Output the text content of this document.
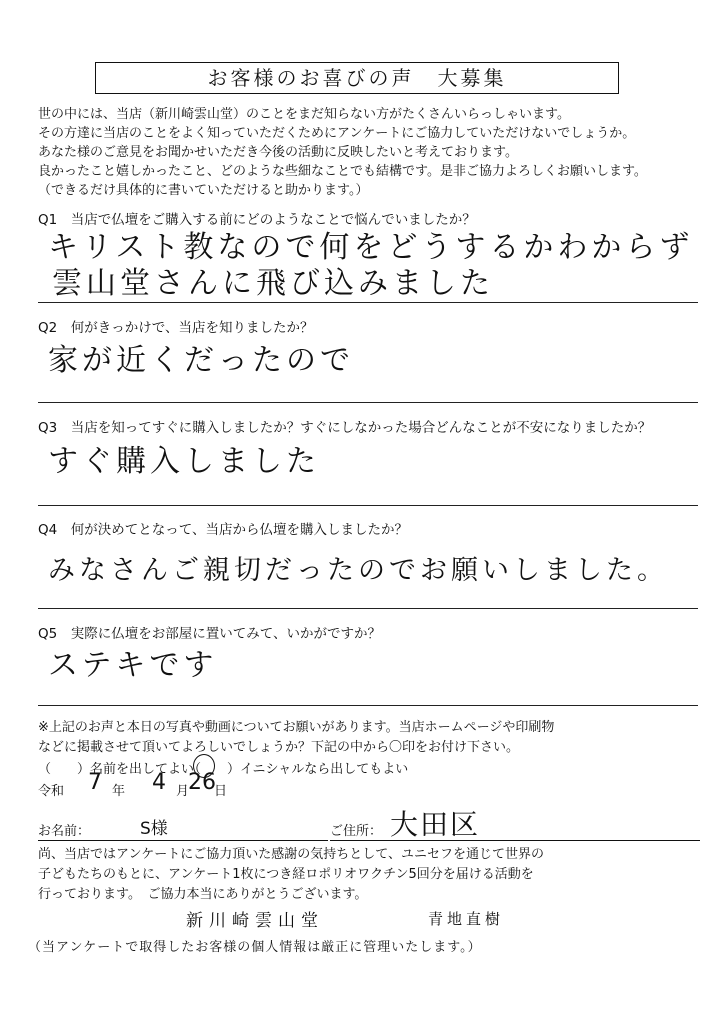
お客様のお喜びの声　大募集
世の中には、当店（新川崎雲山堂）のことをまだ知らない方がたくさんいらっしゃいます。
その方達に当店のことをよく知っていただくためにアンケートにご協力していただけないでしょうか。
あなた様のご意見をお聞かせいただき今後の活動に反映したいと考えております。
良かったこと嬉しかったこと、どのような些細なことでも結構です。是非ご協力よろしくお願いします。
（できるだけ具体的に書いていただけると助かります。）
Q1　当店で仏壇をご購入する前にどのようなことで悩んでいましたか？
キリスト教なので何をどうするかわからず
雲山堂さんに飛び込みました
Q2　何がきっかけで、当店を知りましたか？
家が近くだったので
Q3　当店を知ってすぐに購入しましたか？すぐにしなかった場合どんなことが不安になりましたか？
すぐ購入しました
Q4　何が決めてとなって、当店から仏壇を購入しましたか？
みなさんご親切だったのでお願いしました。
Q5　実際に仏壇をお部屋に置いてみて、いかがですか？
ステキです
※上記のお声と本日の写真や動画についてお願いがあります。当店ホームページや印刷物
などに掲載させて頂いてよろしいでしょうか？下記の中から〇印をお付け下さい。
（　　）名前を出してよい
（　　）イニシャルなら出してもよい
令和 7 年 4 月
26
日
お名前：	S様	ご住所： 大田区
尚、当店ではアンケートにご協力頂いた感謝の気持ちとして、ユニセフを通じて世界の
子どもたちのもとに、アンケート1枚につき経ロポリオワクチン5回分を届ける活動を
行っております。　ご協力本当にありがとうございます。
新川崎雲山堂	青地直樹
（当アンケートで取得したお客様の個人情報は厳正に管理いたします。）
